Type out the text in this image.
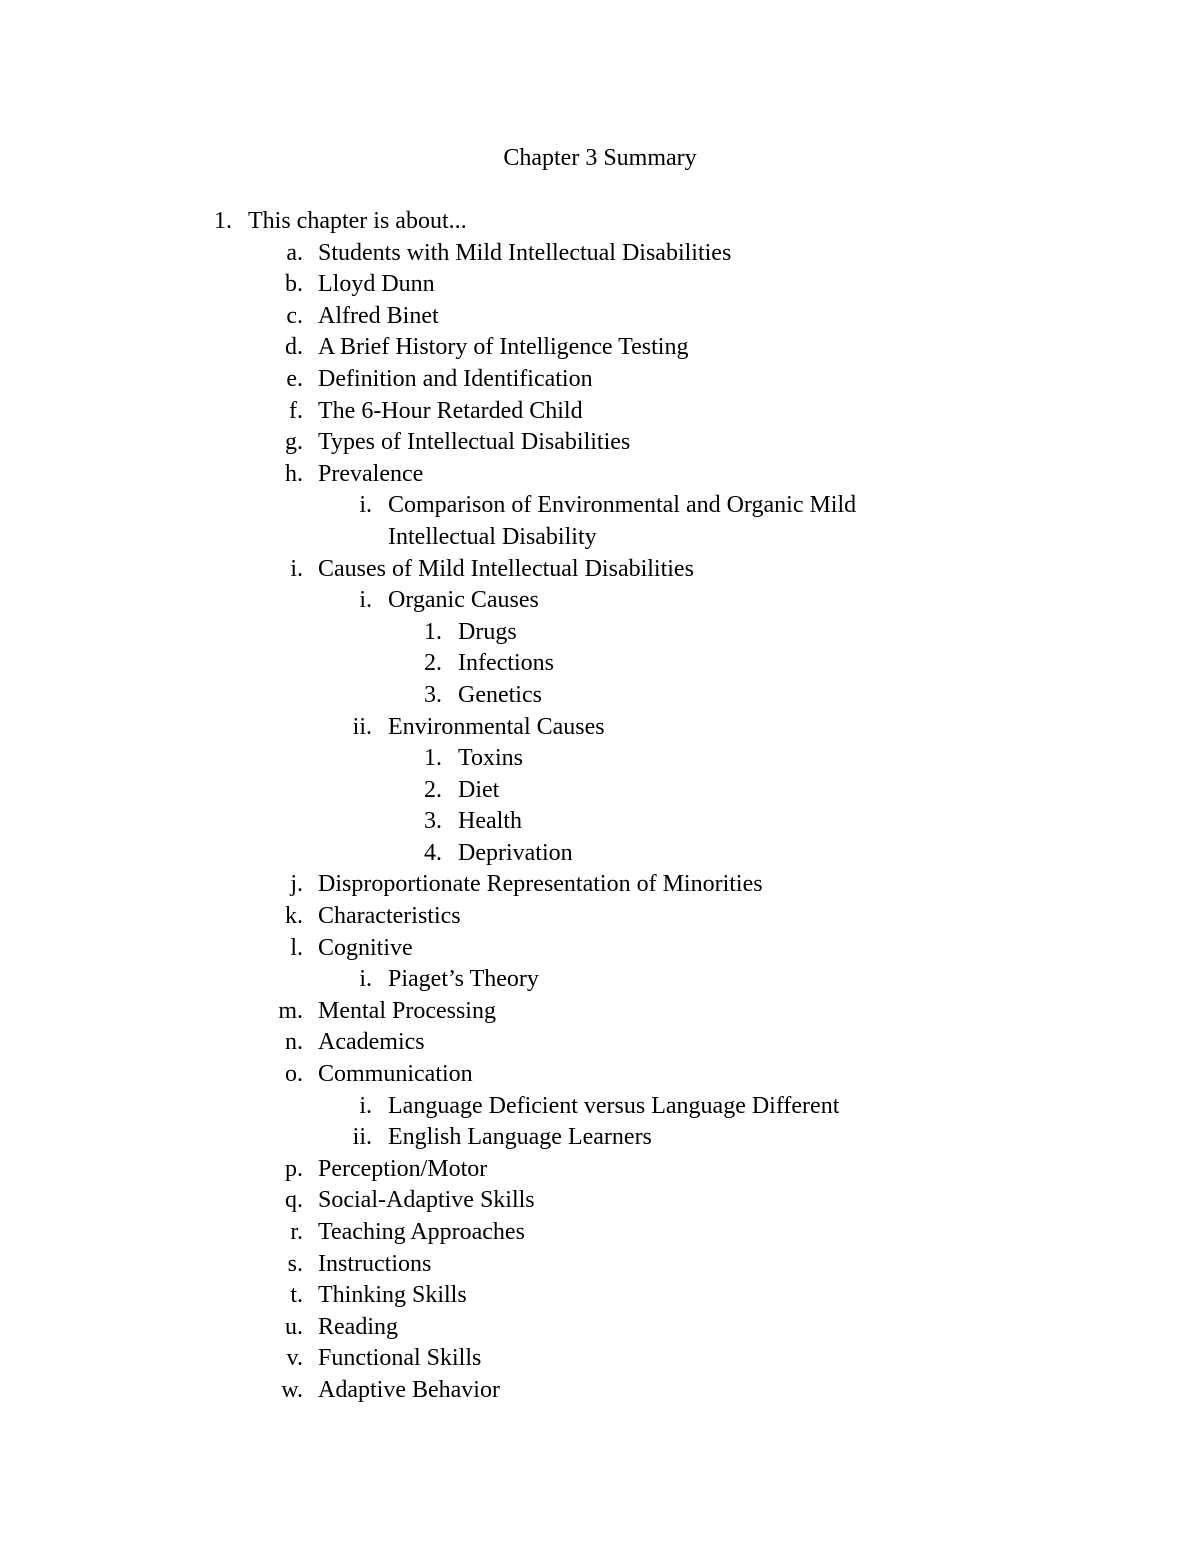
Chapter 3 Summary
1. This chapter is about...
a. Students with Mild Intellectual Disabilities
b. Lloyd Dunn
c. Alfred Binet
d. A Brief History of Intelligence Testing
e. Definition and Identification
f. The 6-Hour Retarded Child
g. Types of Intellectual Disabilities
h. Prevalence
i. Comparison of Environmental and Organic Mild
Intellectual Disability
i. Causes of Mild Intellectual Disabilities
i. Organic Causes
1. Drugs
2. Infections
3. Genetics
ii. Environmental Causes
1. Toxins
2. Diet
3. Health
4. Deprivation
j. Disproportionate Representation of Minorities
k. Characteristics
l. Cognitive
i. Piaget’s Theory
m. Mental Processing
n. Academics
o. Communication
i. Language Deficient versus Language Different
ii. English Language Learners
p. Perception/Motor
q. Social-Adaptive Skills
r. Teaching Approaches
s. Instructions
t. Thinking Skills
u. Reading
v. Functional Skills
w. Adaptive Behavior
